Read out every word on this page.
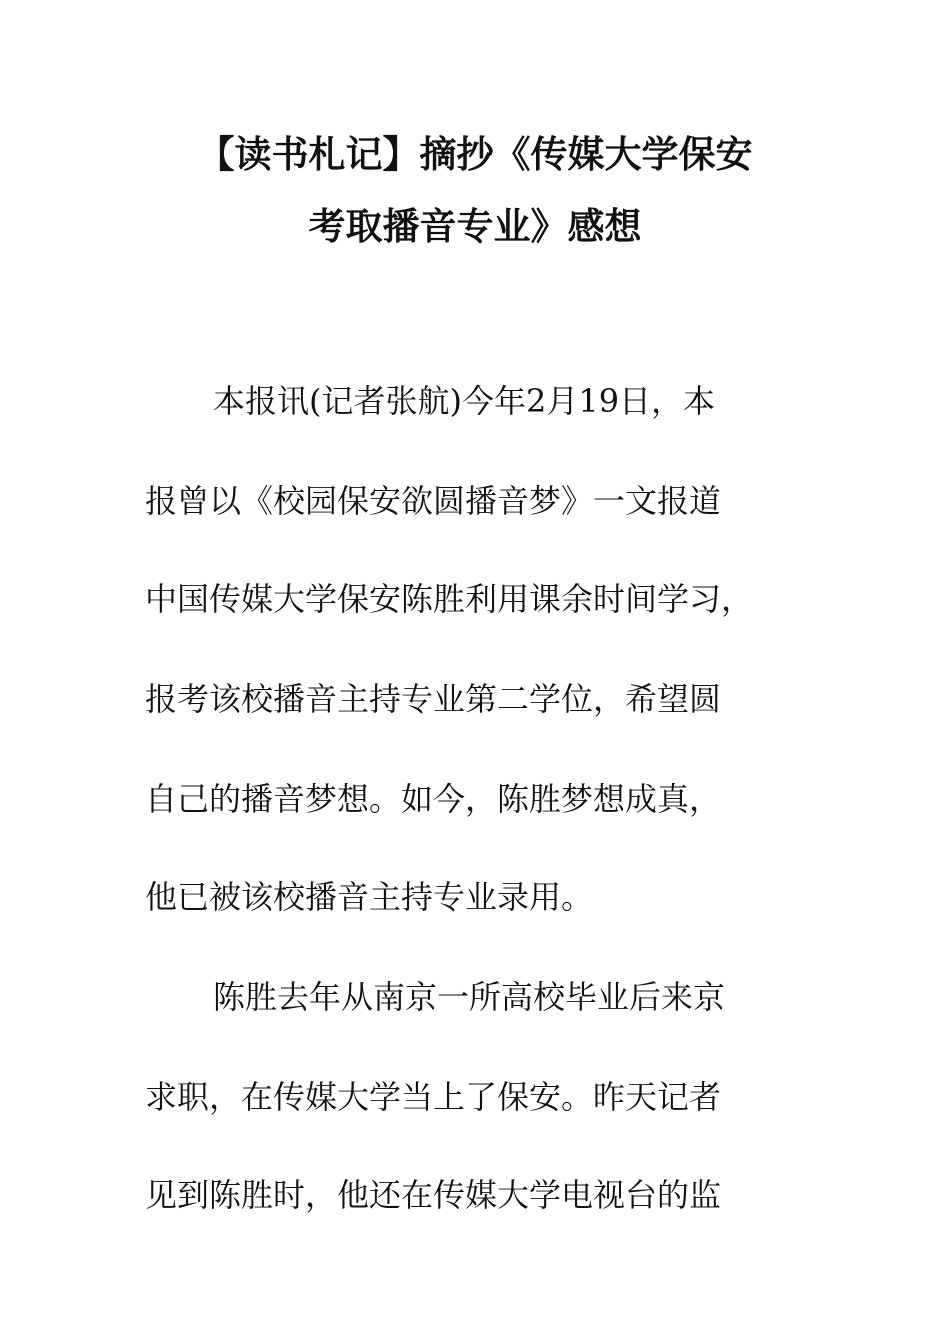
【读书札记】摘抄《传媒大学保安
考取播音专业》感想
本报讯(记者张航)今年2月19日，本
报曾以《校园保安欲圆播音梦》一文报道
中国传媒大学保安陈胜利用课余时间学习，
报考该校播音主持专业第二学位，希望圆
自己的播音梦想。如今，陈胜梦想成真，
他已被该校播音主持专业录用。
陈胜去年从南京一所高校毕业后来京
求职，在传媒大学当上了保安。昨天记者
见到陈胜时，他还在传媒大学电视台的监
